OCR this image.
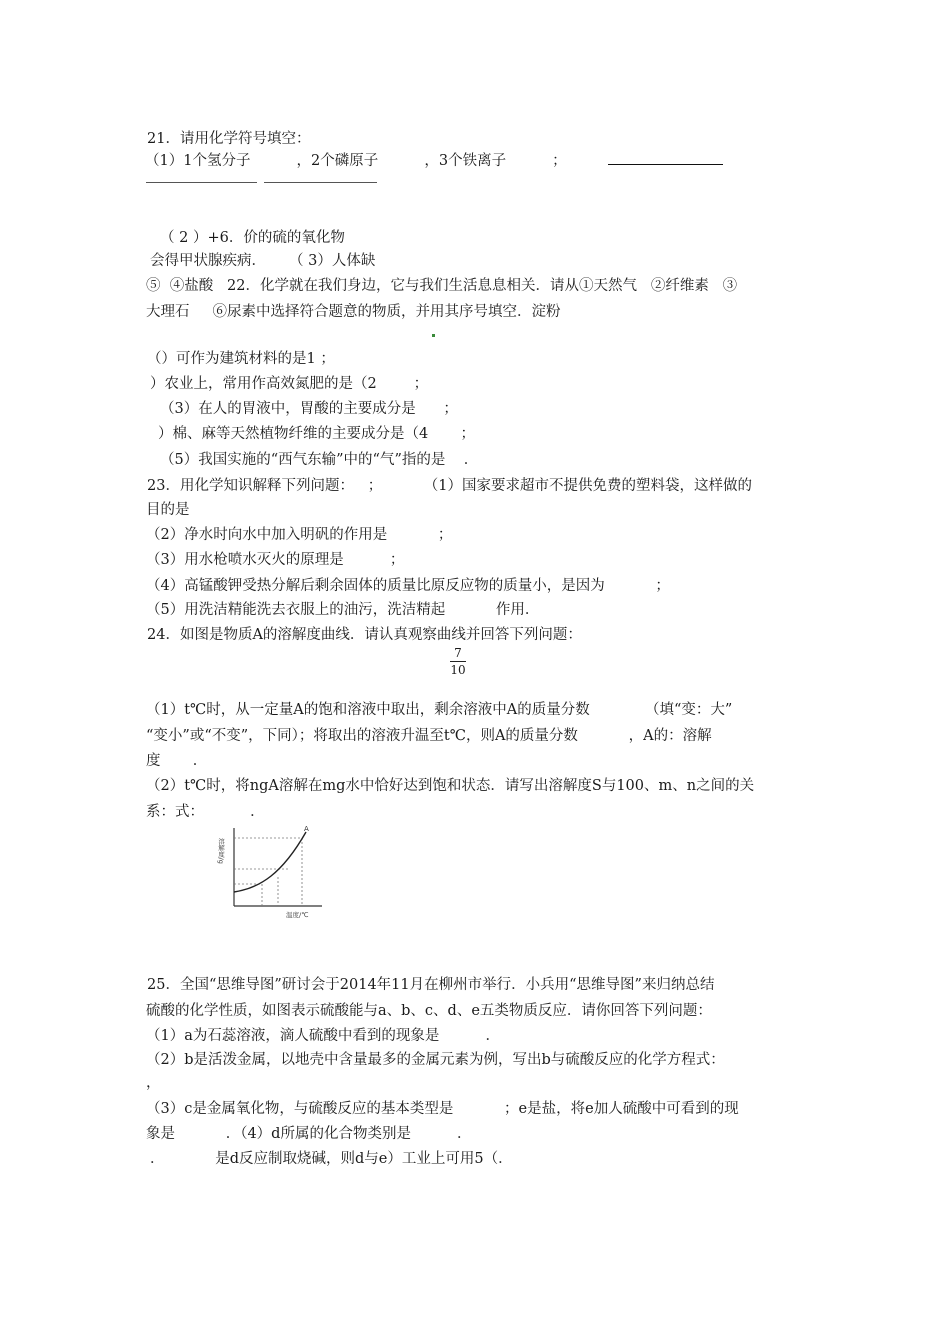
21．请用化学符号填空：
（1）1个氢分子          ，2个磷原子          ，3个铁离子          ；
（ 2 ）+6．价的硫的氧化物
会得甲状腺疾病．     （ 3）人体缺
⑤  ④盐酸   22．化学就在我们身边，它与我们生活息息相关．请从①天然气   ②纤维素   ③
大理石     ⑥尿素中选择符合题意的物质，并用其序号填空．淀粉
（）可作为建筑材料的是1 ；
）农业上，常用作高效氮肥的是（2        ；
（3）在人的胃液中，胃酸的主要成分是      ；
）棉、麻等天然植物纤维的主要成分是（4       ；
（5）我国实施的“西气东输”中的“气”指的是    ．
23．用化学知识解释下列问题：   ；         （1）国家要求超市不提供免费的塑料袋，这样做的
目的是
（2）净水时向水中加入明矾的作用是           ；
（3）用水枪喷水灭火的原理是          ；
（4）高锰酸钾受热分解后剩余固体的质量比原反应物的质量小，是因为           ；
（5）用洗洁精能洗去衣服上的油污，洗洁精起           作用．
24．如图是物质A的溶解度曲线．请认真观察曲线并回答下列问题：
（1）t℃时，从一定量A的饱和溶液中取出，剩余溶液中A的质量分数            （填“变：大”
“变小”或“不变”，下同）；将取出的溶液升温至t℃，则A的质量分数           ，A的：溶解
度       ．
（2）t℃时，将ngA溶解在mg水中恰好达到饱和状态．请写出溶解度S与100、m、n之间的关
系：式：          ．
25．全国“思维导图”研讨会于2014年11月在柳州市举行．小兵用“思维导图”来归纳总结
硫酸的化学性质，如图表示硫酸能与a、b、c、d、e五类物质反应．请你回答下列问题：
（1）a为石蕊溶液，滴人硫酸中看到的现象是          ．
（2）b是活泼金属，以地壳中含量最多的金属元素为例，写出b与硫酸反应的化学方程式：
，
（3）c是金属氧化物，与硫酸反应的基本类型是           ；e是盐，将e加人硫酸中可看到的现
象是           ．（4）d所属的化合物类别是          ．
．           是d反应制取烧碱，则d与e）工业上可用5（．
7
10
A
溶解度/g
温度/℃
